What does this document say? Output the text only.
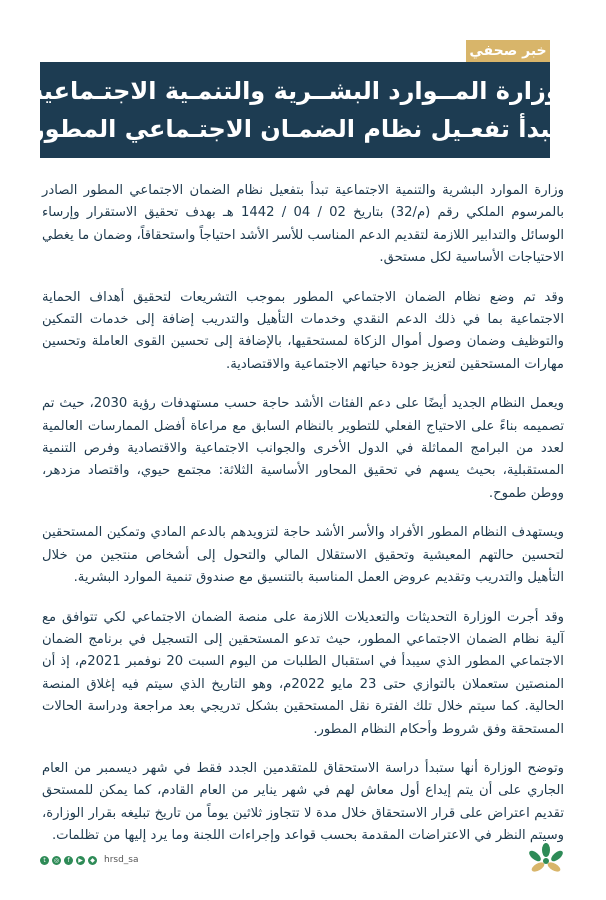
خبر صحفي
وزارة المــوارد البشــرية والتنمـية الاجتـماعية
تبدأ تفعـيل نظام الضمـان الاجتـماعي المطور

وزارة الموارد البشرية والتنمية الاجتماعية تبدأ بتفعيل نظام الضمان الاجتماعي المطور الصادر بالمرسوم الملكي رقم (م/32) بتاريخ 02 / 04 / 1442 هـ بهدف تحقيق الاستقرار وإرساء الوسائل والتدابير اللازمة لتقديم الدعم المناسب للأسر الأشد احتياجاً واستحقاقاً، وضمان ما يغطي الاحتياجات الأساسية لكل مستحق.

وقد تم وضع نظام الضمان الاجتماعي المطور بموجب التشريعات لتحقيق أهداف الحماية الاجتماعية بما في ذلك الدعم النقدي وخدمات التأهيل والتدريب إضافة إلى خدمات التمكين والتوظيف وضمان وصول أموال الزكاة لمستحقيها، بالإضافة إلى تحسين القوى العاملة وتحسين مهارات المستحقين لتعزيز جودة حياتهم الاجتماعية والاقتصادية.

ويعمل النظام الجديد أيضًا على دعم الفئات الأشد حاجة حسب مستهدفات رؤية 2030، حيث تم تصميمه بناءً على الاحتياج الفعلي للتطوير بالنظام السابق مع مراعاة أفضل الممارسات العالمية لعدد من البرامج المماثلة في الدول الأخرى والجوانب الاجتماعية والاقتصادية وفرص التنمية المستقبلية، بحيث يسهم في تحقيق المحاور الأساسية الثلاثة: مجتمع حيوي، واقتصاد مزدهر، ووطن طموح.

ويستهدف النظام المطور الأفراد والأسر الأشد حاجة لتزويدهم بالدعم المادي وتمكين المستحقين لتحسين حالتهم المعيشية وتحقيق الاستقلال المالي والتحول إلى أشخاص منتجين من خلال التأهيل والتدريب وتقديم عروض العمل المناسبة بالتنسيق مع صندوق تنمية الموارد البشرية.

وقد أجرت الوزارة التحديثات والتعديلات اللازمة على منصة الضمان الاجتماعي لكي تتوافق مع آلية نظام الضمان الاجتماعي المطور، حيث تدعو المستحقين إلى التسجيل في برنامج الضمان الاجتماعي المطور الذي سيبدأ في استقبال الطلبات من اليوم السبت 20 نوفمبر 2021م، إذ أن المنصتين ستعملان بالتوازي حتى 23 مايو 2022م، وهو التاريخ الذي سيتم فيه إغلاق المنصة الحالية. كما سيتم خلال تلك الفترة نقل المستحقين بشكل تدريجي بعد مراجعة ودراسة الحالات المستحقة وفق شروط وأحكام النظام المطور.

وتوضح الوزارة أنها ستبدأ دراسة الاستحقاق للمتقدمين الجدد فقط في شهر ديسمبر من العام الجاري على أن يتم إيداع أول معاش لهم في شهر يناير من العام القادم، كما يمكن للمستحق تقديم اعتراض على قرار الاستحقاق خلال مدة لا تتجاوز ثلاثين يوماً من تاريخ تبليغه بقرار الوزارة، وسيتم النظر في الاعتراضات المقدمة بحسب قواعد وإجراءات اللجنة وما يرد إليها من تظلمات.

t	◎	f	▶	◆ hrsd_sa
